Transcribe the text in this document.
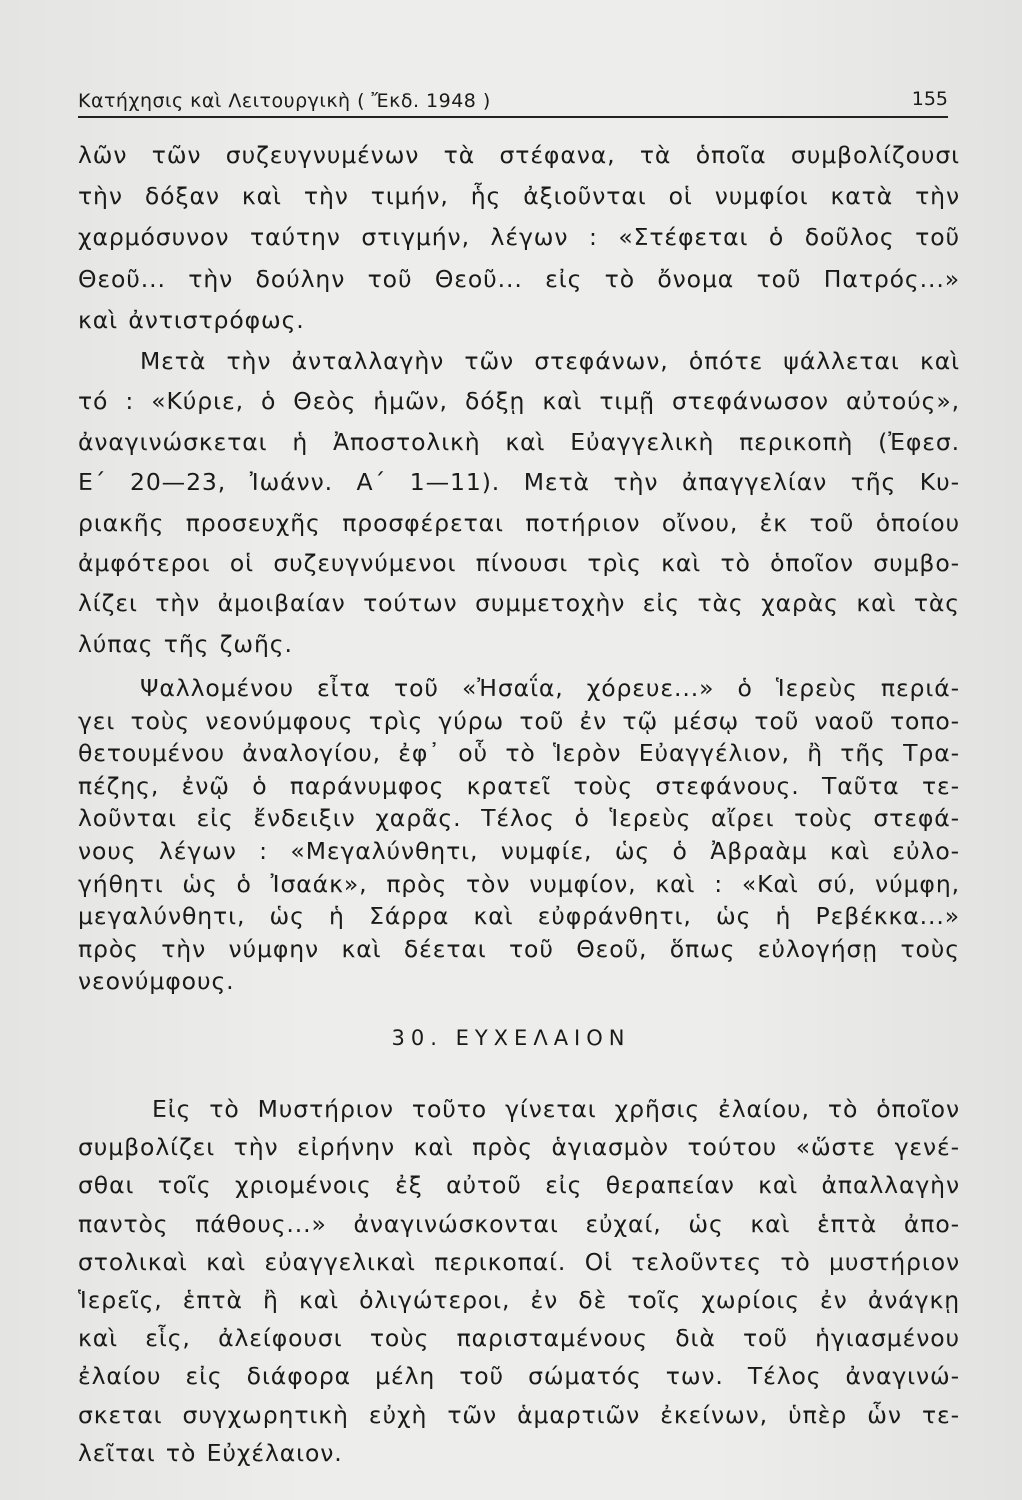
Κατήχησις καὶ Λειτουργικὴ ( Ἔκδ. 1948 )	155
λῶν τῶν συζευγνυμένων τὰ στέφανα, τὰ ὁποῖα συμβολίζουσι
τὴν δόξαν καὶ τὴν τιμήν, ἧς ἀξιοῦνται οἱ νυμφίοι κατὰ τὴν
χαρμόσυνον ταύτην στιγμήν, λέγων : «Στέφεται ὁ δοῦλος τοῦ
Θεοῦ... τὴν δούλην τοῦ Θεοῦ... εἰς τὸ ὄνομα τοῦ Πατρός...»
καὶ ἀντιστρόφως.
Μετὰ τὴν ἀνταλλαγὴν τῶν στεφάνων, ὁπότε ψάλλεται καὶ
τό : «Κύριε, ὁ Θεὸς ἡμῶν, δόξῃ καὶ τιμῇ στεφάνωσον αὐτούς»,
ἀναγινώσκεται ἡ Ἀποστολικὴ καὶ Εὐαγγελικὴ περικοπὴ (Ἐφεσ.
Ε´ 20—23, Ἰωάνν. Α´ 1—11). Μετὰ τὴν ἀπαγγελίαν τῆς Κυ-
ριακῆς προσευχῆς προσφέρεται ποτήριον οἴνου, ἐκ τοῦ ὁποίου
ἀμφότεροι οἱ συζευγνύμενοι πίνουσι τρὶς καὶ τὸ ὁποῖον συμβο-
λίζει τὴν ἀμοιβαίαν τούτων συμμετοχὴν εἰς τὰς χαρὰς καὶ τὰς
λύπας τῆς ζωῆς.
Ψαλλομένου εἶτα τοῦ «Ἠσαΐα, χόρευε...» ὁ Ἱερεὺς περιά-
γει τοὺς νεονύμφους τρὶς γύρω τοῦ ἐν τῷ μέσῳ τοῦ ναοῦ τοπο-
θετουμένου ἀναλογίου, ἐφ᾽ οὗ τὸ Ἱερὸν Εὐαγγέλιον, ἢ τῆς Τρα-
πέζης, ἐνῷ ὁ παράνυμφος κρατεῖ τοὺς στεφάνους. Ταῦτα τε-
λοῦνται εἰς ἔνδειξιν χαρᾶς. Τέλος ὁ Ἱερεὺς αἴρει τοὺς στεφά-
νους λέγων : «Μεγαλύνθητι, νυμφίε, ὡς ὁ Ἀβραὰμ καὶ εὐλο-
γήθητι ὡς ὁ Ἰσαάκ», πρὸς τὸν νυμφίον, καὶ : «Καὶ σύ, νύμφη,
μεγαλύνθητι, ὡς ἡ Σάρρα καὶ εὐφράνθητι, ὡς ἡ Ρεβέκκα...»
πρὸς τὴν νύμφην καὶ δέεται τοῦ Θεοῦ, ὅπως εὐλογήσῃ τοὺς
νεονύμφους.
30. ΕΥΧΕΛΑΙΟΝ
Εἰς τὸ Μυστήριον τοῦτο γίνεται χρῆσις ἐλαίου, τὸ ὁποῖον
συμβολίζει τὴν εἰρήνην καὶ πρὸς ἁγιασμὸν τούτου «ὥστε γενέ-
σθαι τοῖς χριομένοις ἐξ αὐτοῦ εἰς θεραπείαν καὶ ἀπαλλαγὴν
παντὸς πάθους...» ἀναγινώσκονται εὐχαί, ὡς καὶ ἑπτὰ ἀπο-
στολικαὶ καὶ εὐαγγελικαὶ περικοπαί. Οἱ τελοῦντες τὸ μυστήριον
Ἱερεῖς, ἑπτὰ ἢ καὶ ὀλιγώτεροι, ἐν δὲ τοῖς χωρίοις ἐν ἀνάγκῃ
καὶ εἷς, ἀλείφουσι τοὺς παρισταμένους διὰ τοῦ ἡγιασμένου
ἐλαίου εἰς διάφορα μέλη τοῦ σώματός των. Τέλος ἀναγινώ-
σκεται συγχωρητικὴ εὐχὴ τῶν ἁμαρτιῶν ἐκείνων, ὑπὲρ ὧν τε-
λεῖται τὸ Εὐχέλαιον.
